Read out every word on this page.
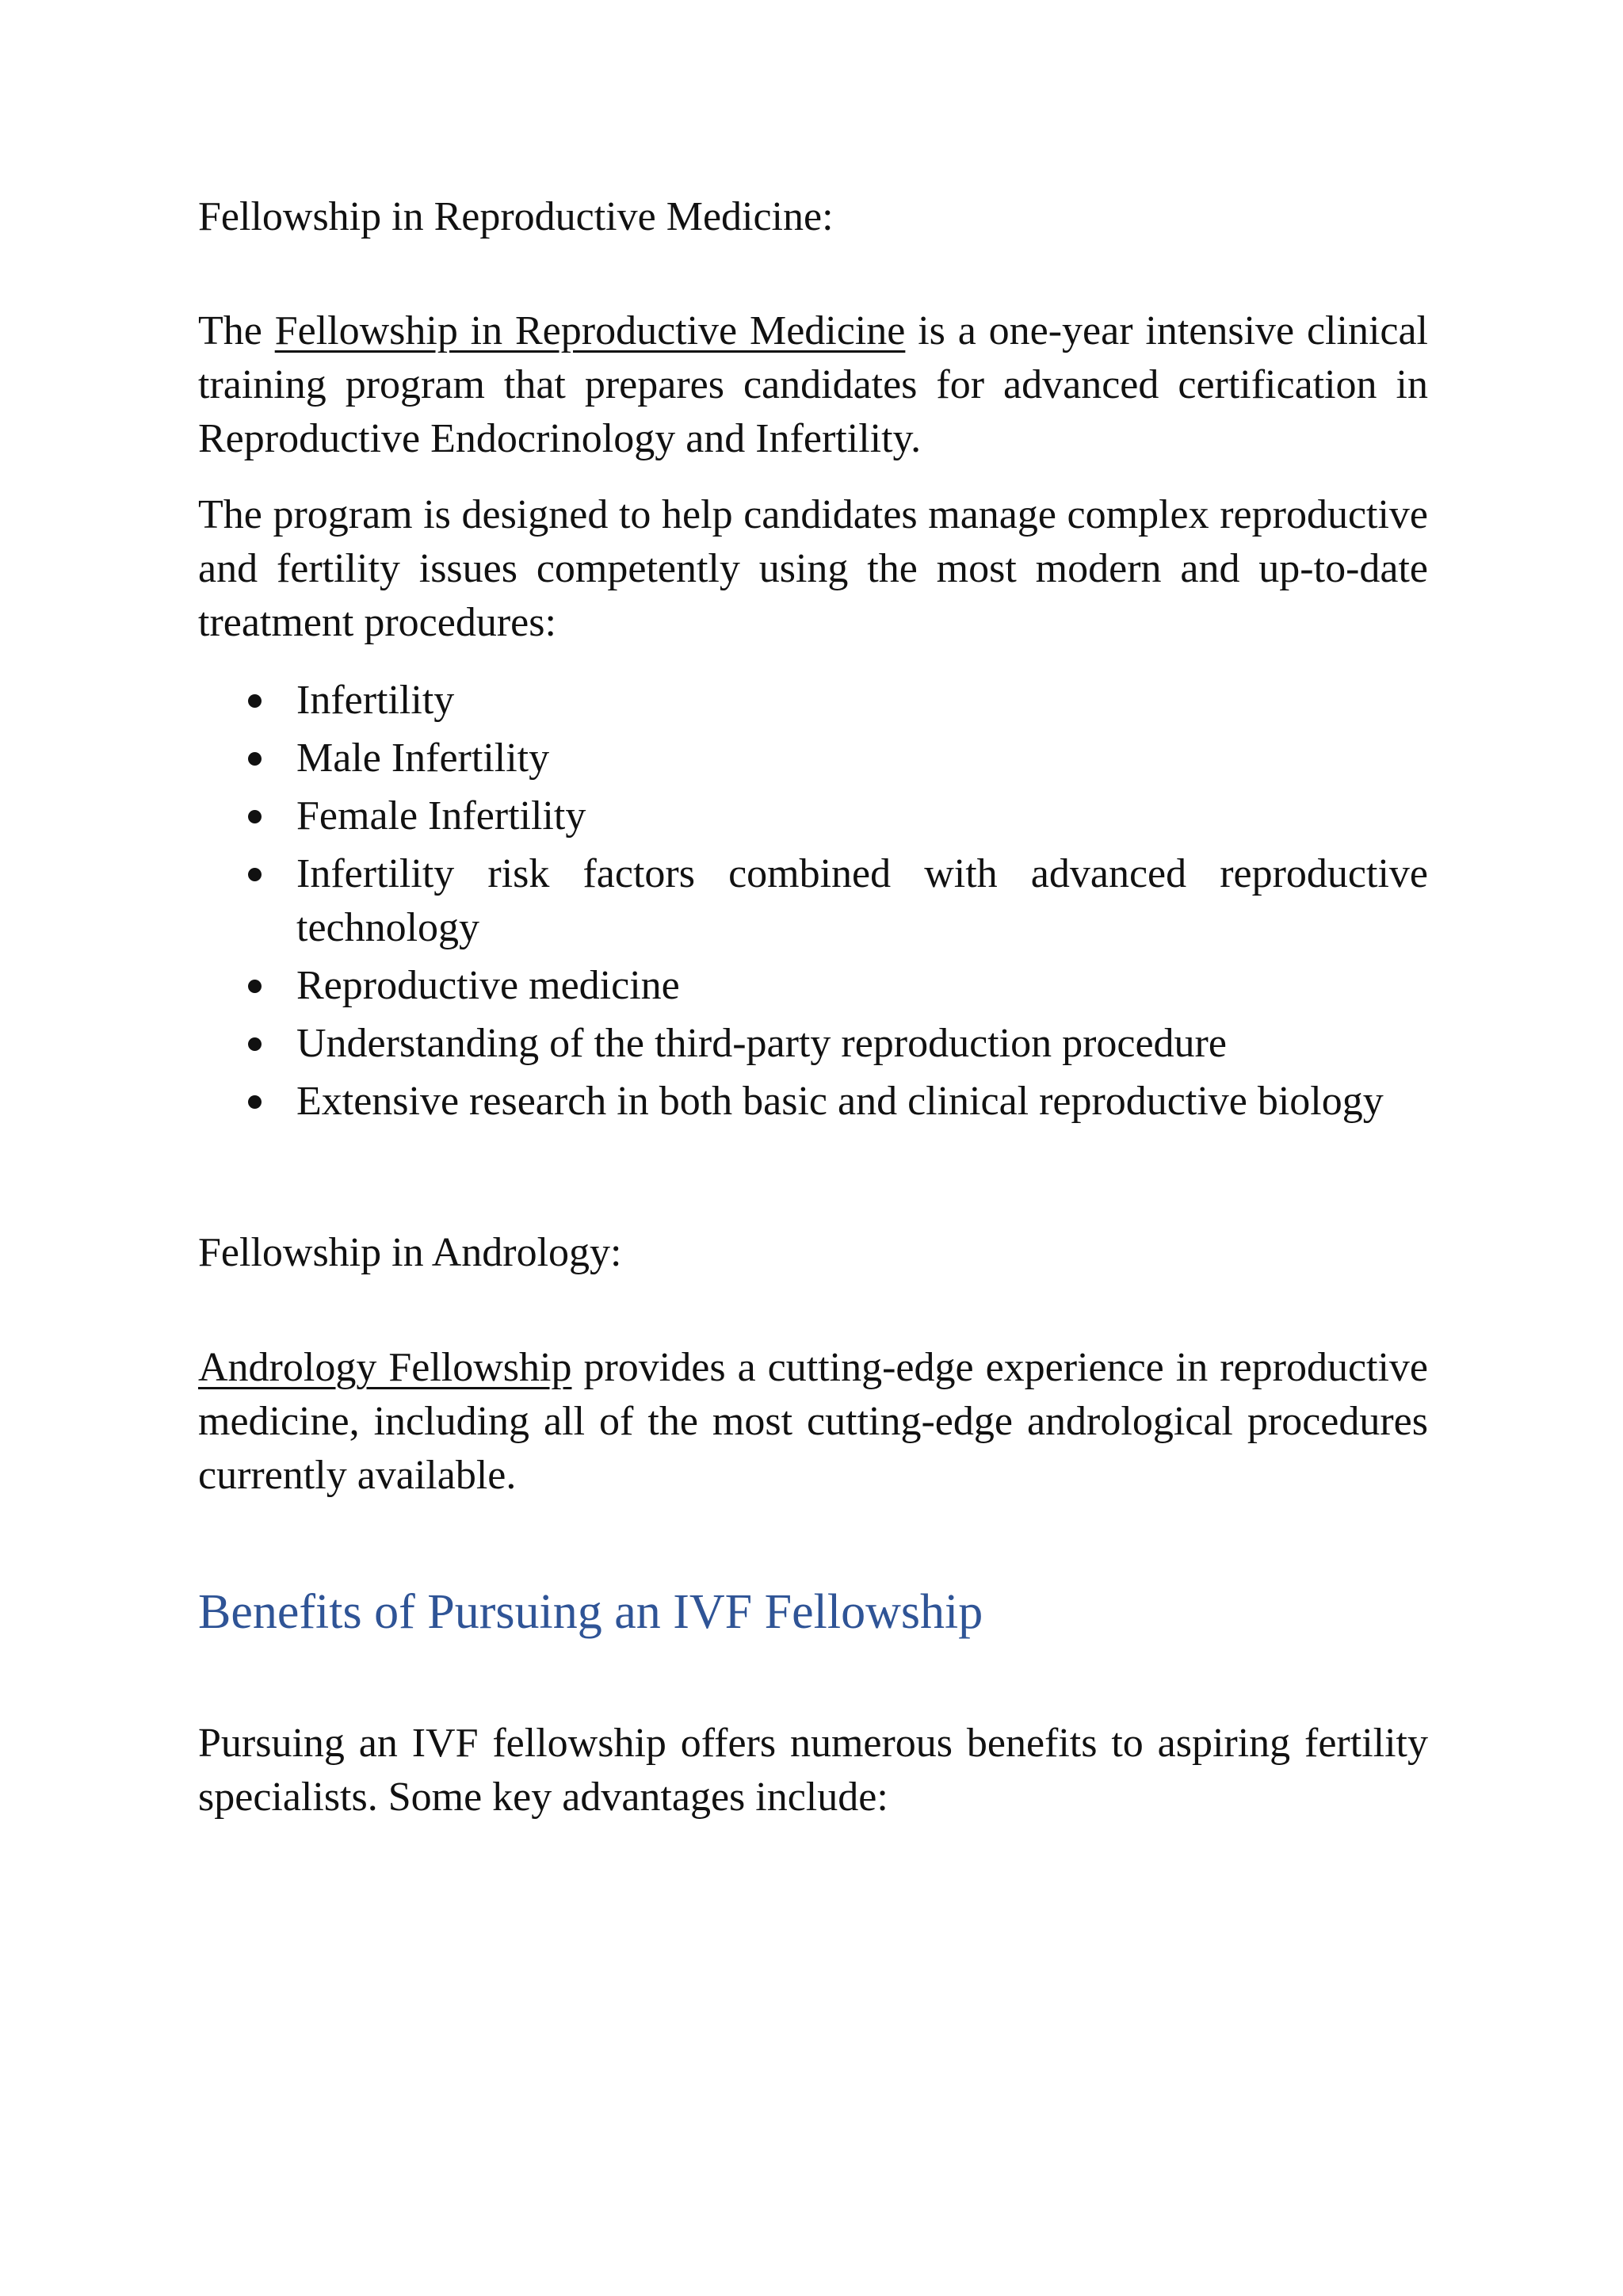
Fellowship in Reproductive Medicine:

The Fellowship in Reproductive Medicine is a one-year intensive clinical training program that prepares candidates for advanced certification in Reproductive Endocrinology and Infertility.

The program is designed to help candidates manage complex reproductive and fertility issues competently using the most modern and up-to-date treatment procedures:

Infertility
Male Infertility
Female Infertility
Infertility risk factors combined with advanced reproductive technology
Reproductive medicine
Understanding of the third-party reproduction procedure
Extensive research in both basic and clinical reproductive biology
Fellowship in Andrology:

Andrology Fellowship provides a cutting-edge experience in reproductive medicine, including all of the most cutting-edge andrological procedures currently available.

Benefits of Pursuing an IVF Fellowship

Pursuing an IVF fellowship offers numerous benefits to aspiring fertility specialists. Some key advantages include:
